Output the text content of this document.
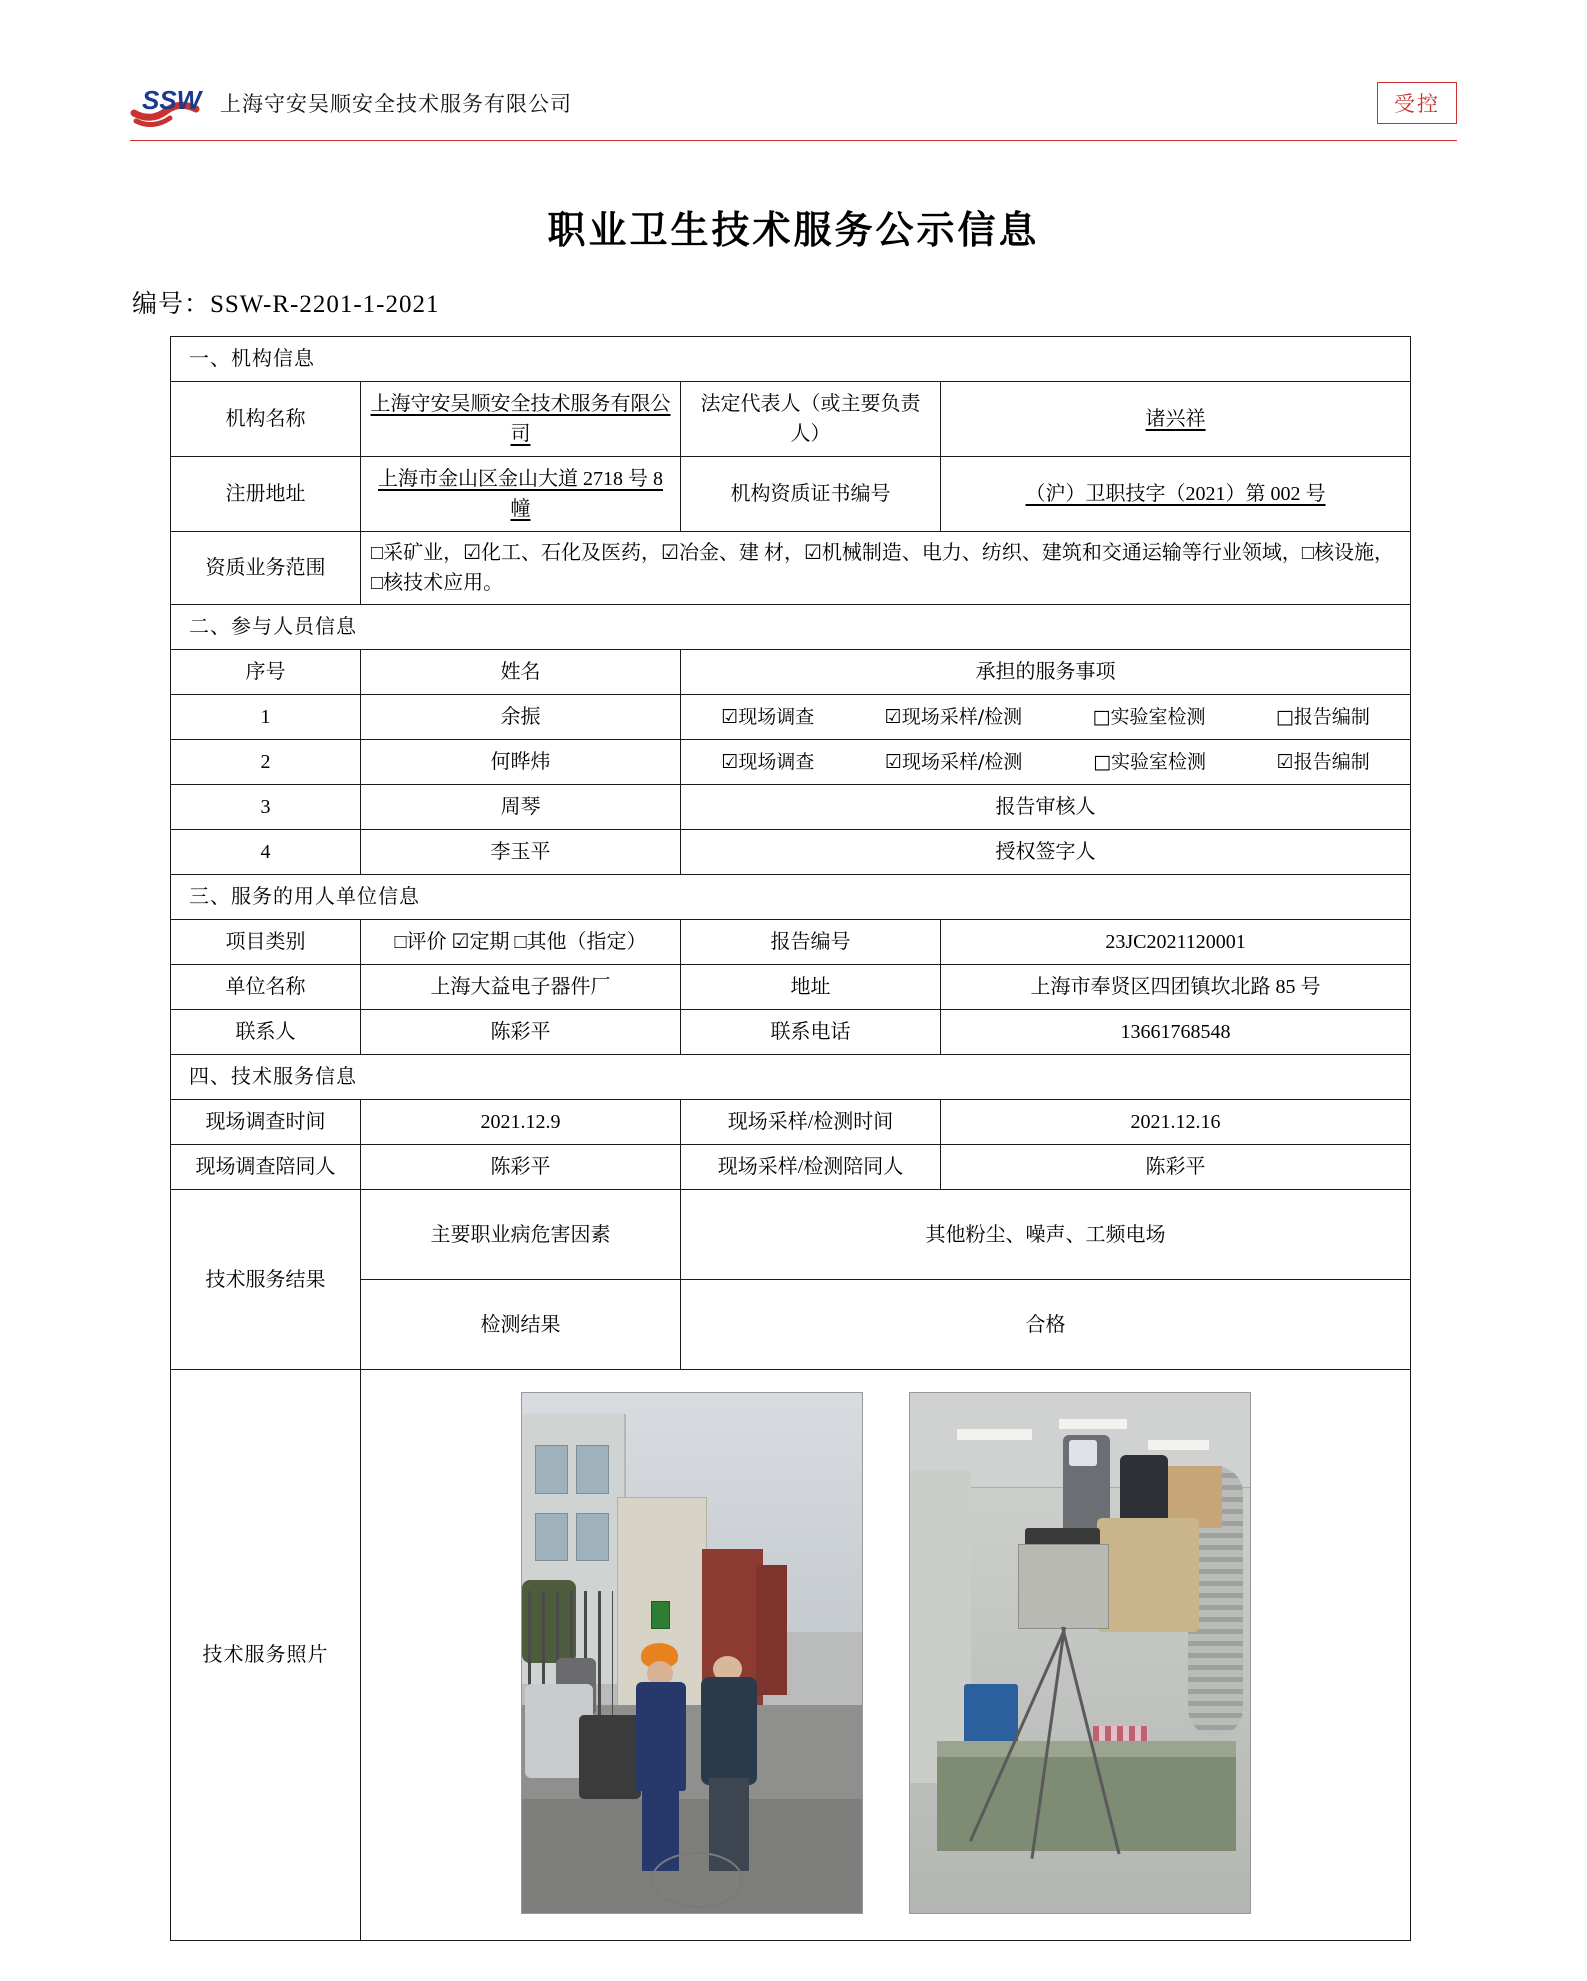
SSW 上海守安吴顺安全技术服务有限公司	受控
职业卫生技术服务公示信息
编号：SSW-R-2201-1-2021
一、机构信息			
机构名称	上海守安吴顺安全技术服务有限公司	法定代表人（或主要负责人）	诸兴祥
注册地址	上海市金山区金山大道 2718 号 8 幢	机构资质证书编号	（沪）卫职技字（2021）第 002 号
资质业务范围	□采矿业，☑化工、石化及医药，☑冶金、建 材，☑机械制造、电力、纺织、建筑和交通运输等行业领域，□核设施，□核技术应用。		
二、参与人员信息			
序号	姓名	承担的服务事项	
1	余振	☑现场调查 ☑现场采样/检测 □实验室检测 □报告编制	

2	何晔炜	☑现场调查 ☑现场采样/检测 □实验室检测 ☑报告编制	

3	周琴	报告审核人	
4	李玉平	授权签字人	
三、服务的用人单位信息			
项目类别	□评价 ☑定期 □其他（指定）	报告编号	23JC2021120001
单位名称	上海大益电子器件厂	地址	上海市奉贤区四团镇坎北路 85 号
联系人	陈彩平	联系电话	13661768548
四、技术服务信息			
现场调查时间	2021.12.9	现场采样/检测时间	2021.12.16
现场调查陪同人	陈彩平	现场采样/检测陪同人	陈彩平
技术服务结果	主要职业病危害因素	其他粉尘、噪声、工频电场	
	检测结果	合格	
技术服务照片			
